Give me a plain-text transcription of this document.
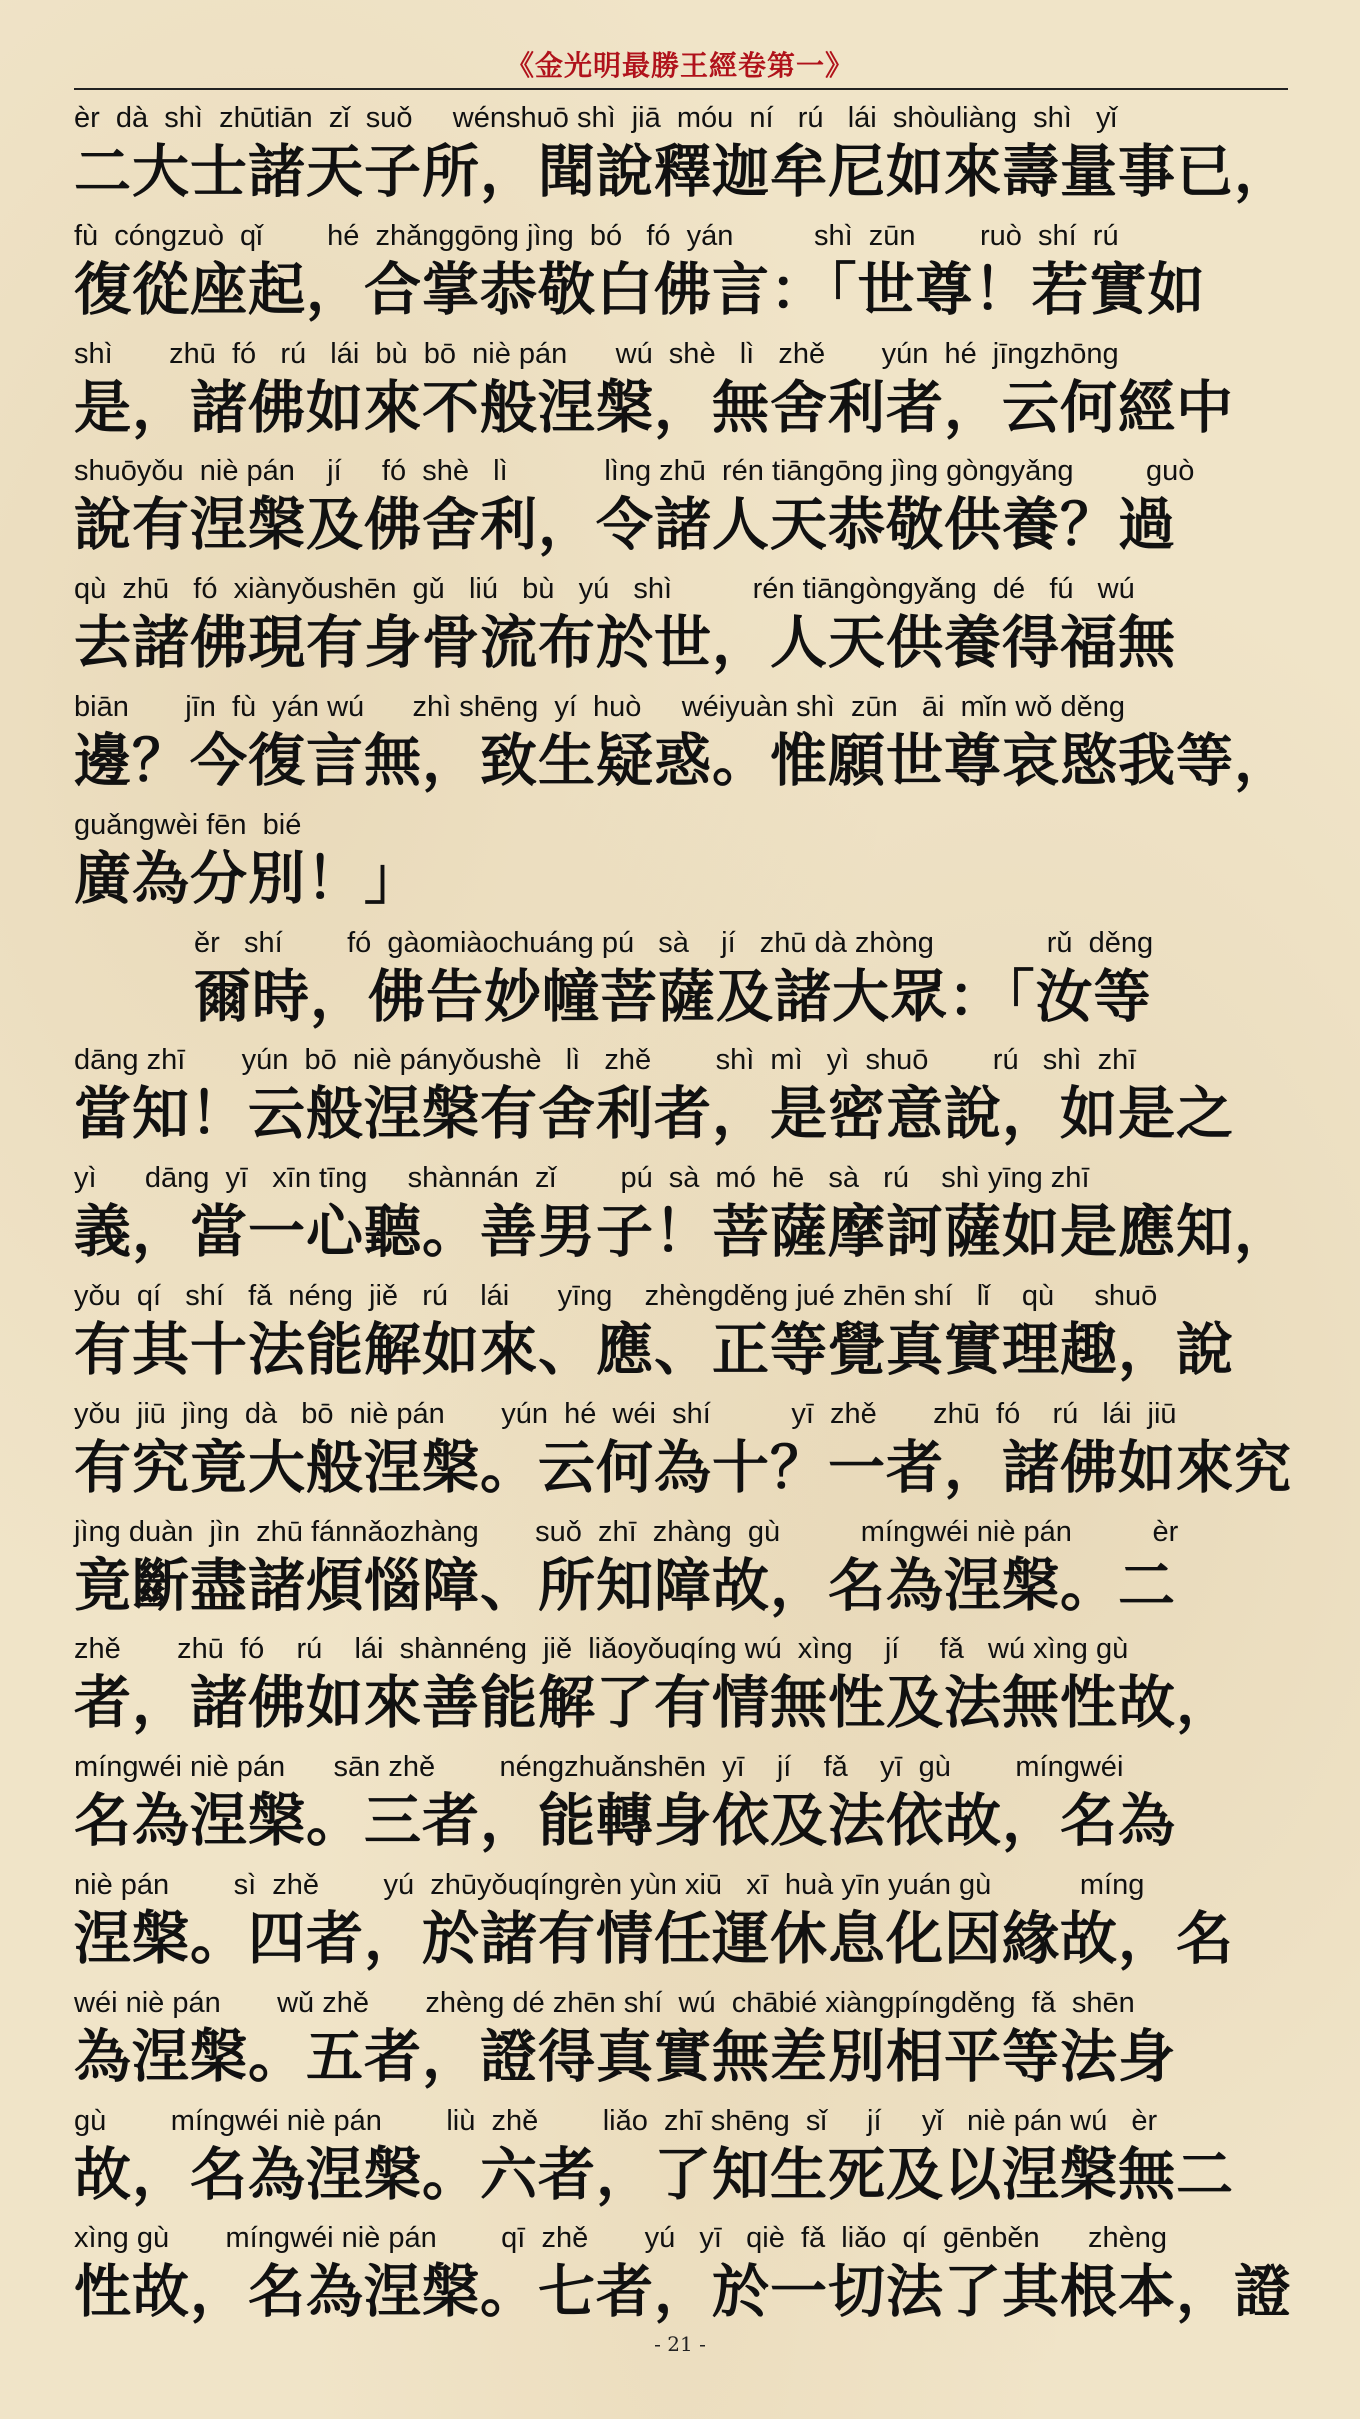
《金光明最勝王經卷第一》
èr  dà  shì  zhūtiān  zǐ  suǒ     wénshuō shì  jiā  móu  ní   rú   lái  shòuliàng  shì   yǐ
二大士諸天子所，聞說釋迦牟尼如來壽量事已，
fù  cóngzuò  qǐ        hé  zhǎnggōng jìng  bó   fó  yán          shì  zūn        ruò  shí  rú
復從座起，合掌恭敬白佛言：「世尊！若實如
shì       zhū  fó   rú   lái  bù  bō  niè pán      wú  shè   lì   zhě       yún  hé  jīngzhōng
是，諸佛如來不般涅槃，無舍利者，云何經中
shuōyǒu  niè pán    jí     fó  shè   lì            lìng zhū  rén tiāngōng jìng gòngyǎng         guò
說有涅槃及佛舍利，令諸人天恭敬供養？過
qù  zhū   fó  xiànyǒushēn  gǔ   liú   bù   yú   shì          rén tiāngòngyǎng  dé   fú   wú
去諸佛現有身骨流布於世，人天供養得福無
biān       jīn  fù  yán wú      zhì shēng  yí  huò     wéiyuàn shì  zūn   āi  mǐn wǒ děng
邊？今復言無，致生疑惑。惟願世尊哀愍我等，
guǎngwèi fēn  bié
廣為分別！」
ěr   shí        fó  gàomiàochuáng pú   sà    jí   zhū dà zhòng              rǔ  děng
爾時，佛告妙幢菩薩及諸大眾：「汝等
dāng zhī       yún  bō  niè pányǒushè   lì   zhě        shì  mì   yì  shuō        rú   shì  zhī
當知！云般涅槃有舍利者，是密意說，如是之
yì      dāng  yī   xīn tīng     shànnán  zǐ        pú  sà  mó  hē   sà   rú    shì yīng zhī
義，當一心聽。善男子！菩薩摩訶薩如是應知，
yǒu  qí   shí   fǎ  néng  jiě   rú    lái      yīng    zhèngděng jué zhēn shí   lǐ    qù     shuō
有其十法能解如來、應、正等覺真實理趣，說
yǒu  jiū  jìng  dà   bō  niè pán       yún  hé  wéi  shí          yī  zhě       zhū  fó    rú   lái  jiū
有究竟大般涅槃。云何為十？一者，諸佛如來究
jìng duàn  jìn  zhū fánnǎozhàng       suǒ  zhī  zhàng  gù          míngwéi niè pán          èr
竟斷盡諸煩惱障、所知障故，名為涅槃。二
zhě       zhū  fó    rú    lái  shànnéng  jiě  liǎoyǒuqíng wú  xìng    jí     fǎ   wú xìng gù
者，諸佛如來善能解了有情無性及法無性故，
míngwéi niè pán      sān zhě        néngzhuǎnshēn  yī    jí    fǎ    yī  gù        míngwéi
名為涅槃。三者，能轉身依及法依故，名為
niè pán        sì  zhě        yú  zhūyǒuqíngrèn yùn xiū   xī  huà yīn yuán gù           míng
涅槃。四者，於諸有情任運休息化因緣故，名
wéi niè pán       wǔ zhě       zhèng dé zhēn shí  wú  chābié xiàngpíngděng  fǎ  shēn
為涅槃。五者，證得真實無差別相平等法身
gù        míngwéi niè pán        liù  zhě        liǎo  zhī shēng  sǐ     jí     yǐ   niè pán wú   èr
故，名為涅槃。六者，了知生死及以涅槃無二
xìng gù       míngwéi niè pán        qī  zhě       yú   yī   qiè  fǎ  liǎo  qí  gēnběn      zhèng
性故，名為涅槃。七者，於一切法了其根本，證
- 21 -
